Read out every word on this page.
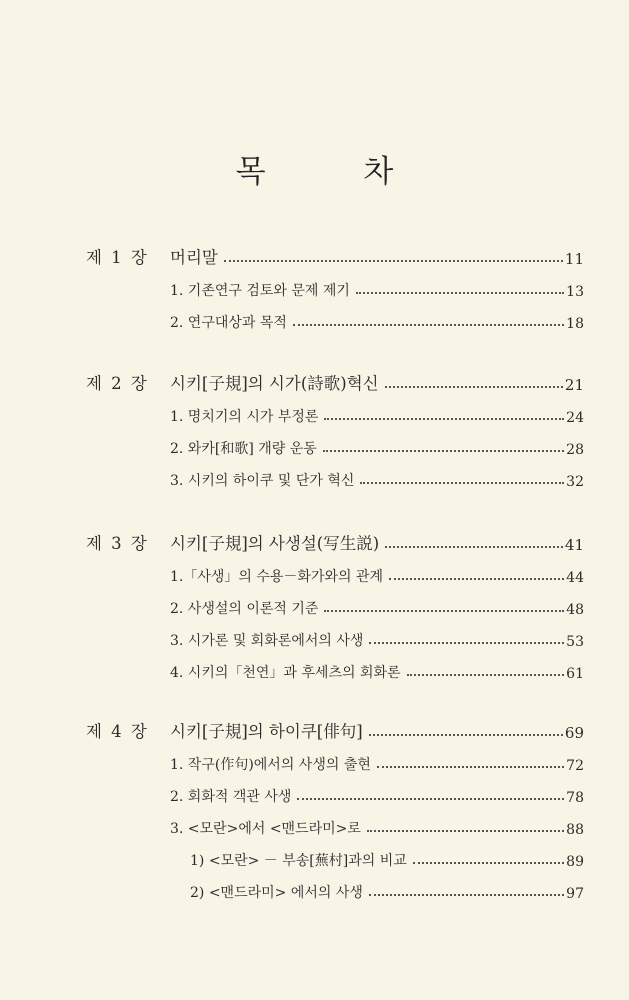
목 차
제 1 장	머리말	11
1. 기존연구 검토와 문제 제기	13
2. 연구대상과 목적	18
제 2 장	시키[子規]의 시가(詩歌)혁신	21
1. 명치기의 시가 부정론	24
2. 와카[和歌] 개량 운동	28
3. 시키의 하이쿠 및 단가 혁신	32
제 3 장	시키[子規]의 사생설(写生説)	41
1.「사생」의 수용－화가와의 관계	44
2. 사생설의 이론적 기준	48
3. 시가론 및 회화론에서의 사생	53
4. 시키의「천연」과 후세츠의 회화론	61
제 4 장	시키[子規]의 하이쿠[俳句]	69
1. 작구(作句)에서의 사생의 출현	72
2. 회화적 객관 사생	78
3. <모란>에서 <맨드라미>로	88
1) <모란> － 부송[蕪村]과의 비교	89
2) <맨드라미> 에서의 사생	97
